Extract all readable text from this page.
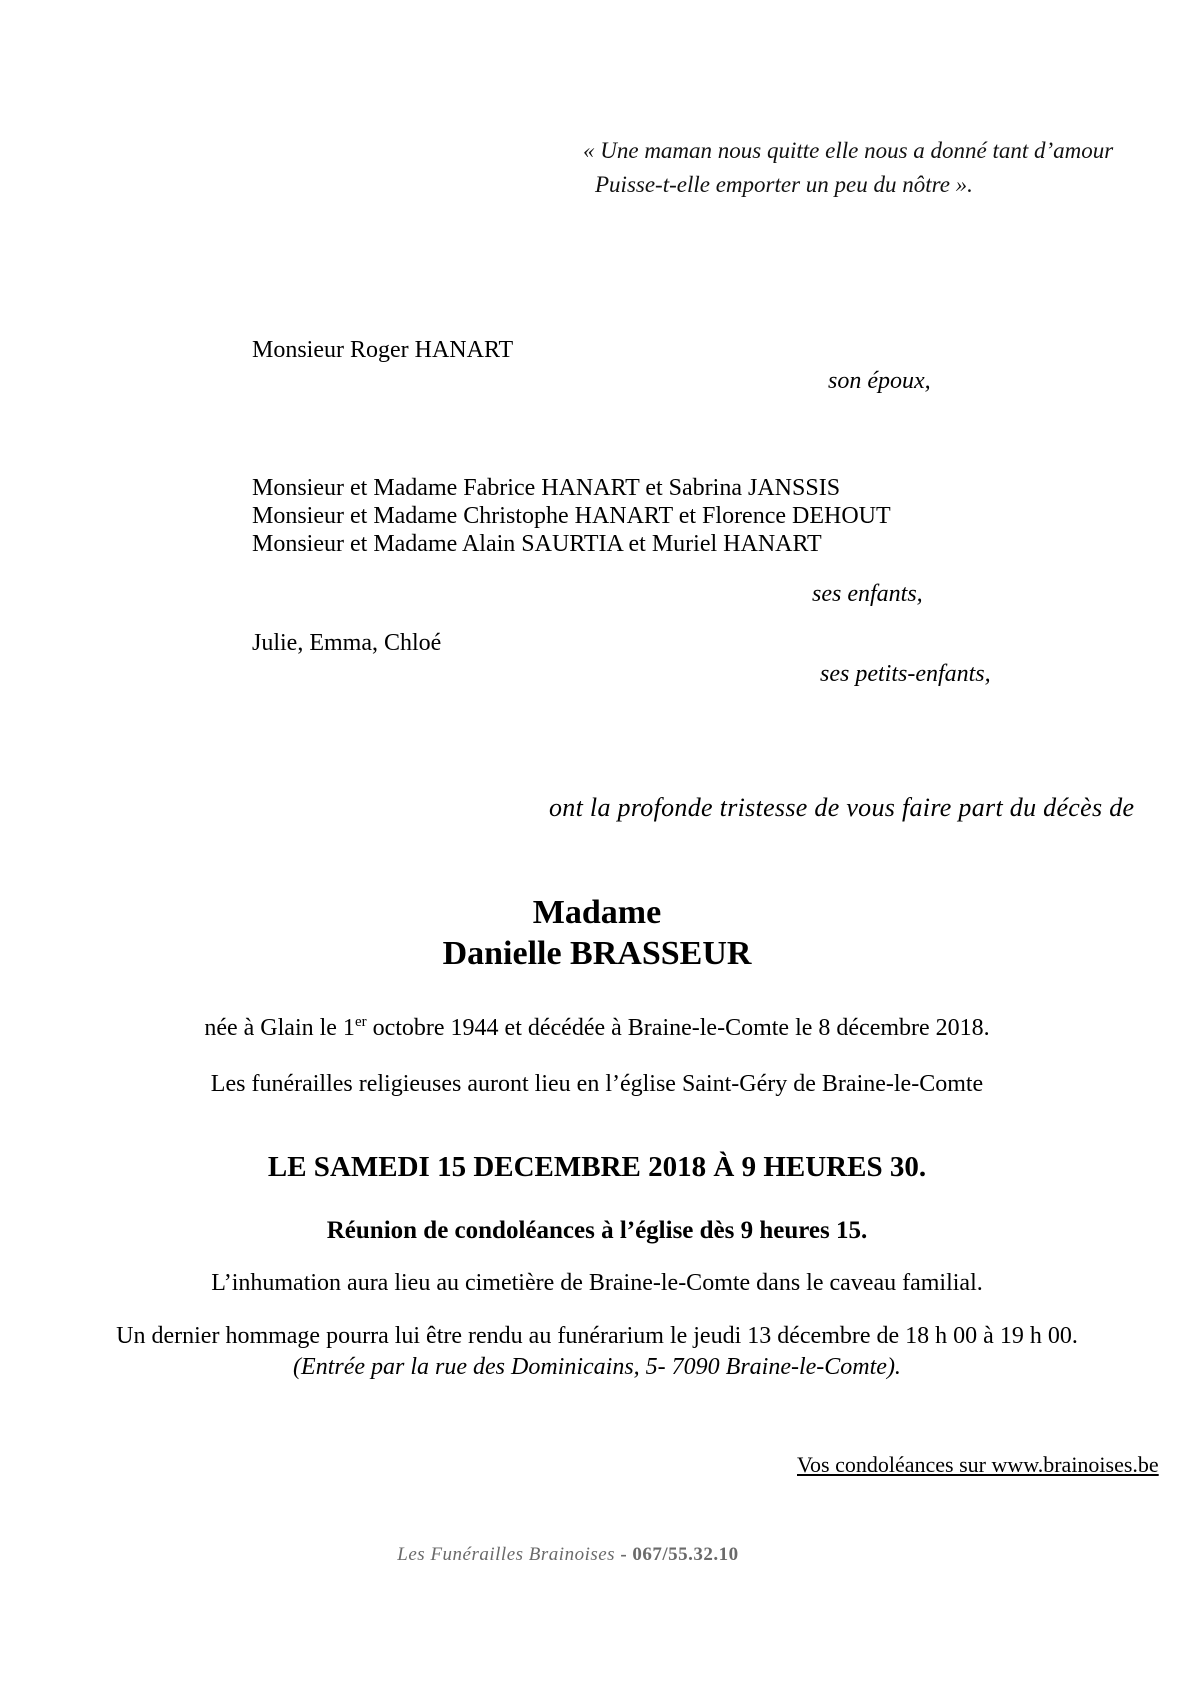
« Une maman nous quitte elle nous a donné tant d’amour
Puisse-t-elle emporter un peu du nôtre ».
Monsieur Roger HANART
son époux,
Monsieur et Madame Fabrice HANART et Sabrina JANSSIS
Monsieur et Madame Christophe HANART et Florence DEHOUT
Monsieur et Madame Alain SAURTIA et Muriel HANART
ses enfants,
Julie, Emma, Chloé
ses petits-enfants,
ont la profonde tristesse de vous faire part du décès de
Madame
Danielle BRASSEUR
née à Glain le 1er octobre 1944 et décédée à Braine-le-Comte le 8 décembre 2018.
Les funérailles religieuses auront lieu en l’église Saint-Géry de Braine-le-Comte
LE SAMEDI 15 DECEMBRE 2018 À 9 HEURES 30.
Réunion de condoléances à l’église dès 9 heures 15.
L’inhumation aura lieu au cimetière de Braine-le-Comte dans le caveau familial.
Un dernier hommage pourra lui être rendu au funérarium le jeudi 13 décembre de 18 h 00 à 19 h 00.
(Entrée par la rue des Dominicains, 5- 7090 Braine-le-Comte).
Vos condoléances sur www.brainoises.be
Les Funérailles Brainoises - 067/55.32.10
